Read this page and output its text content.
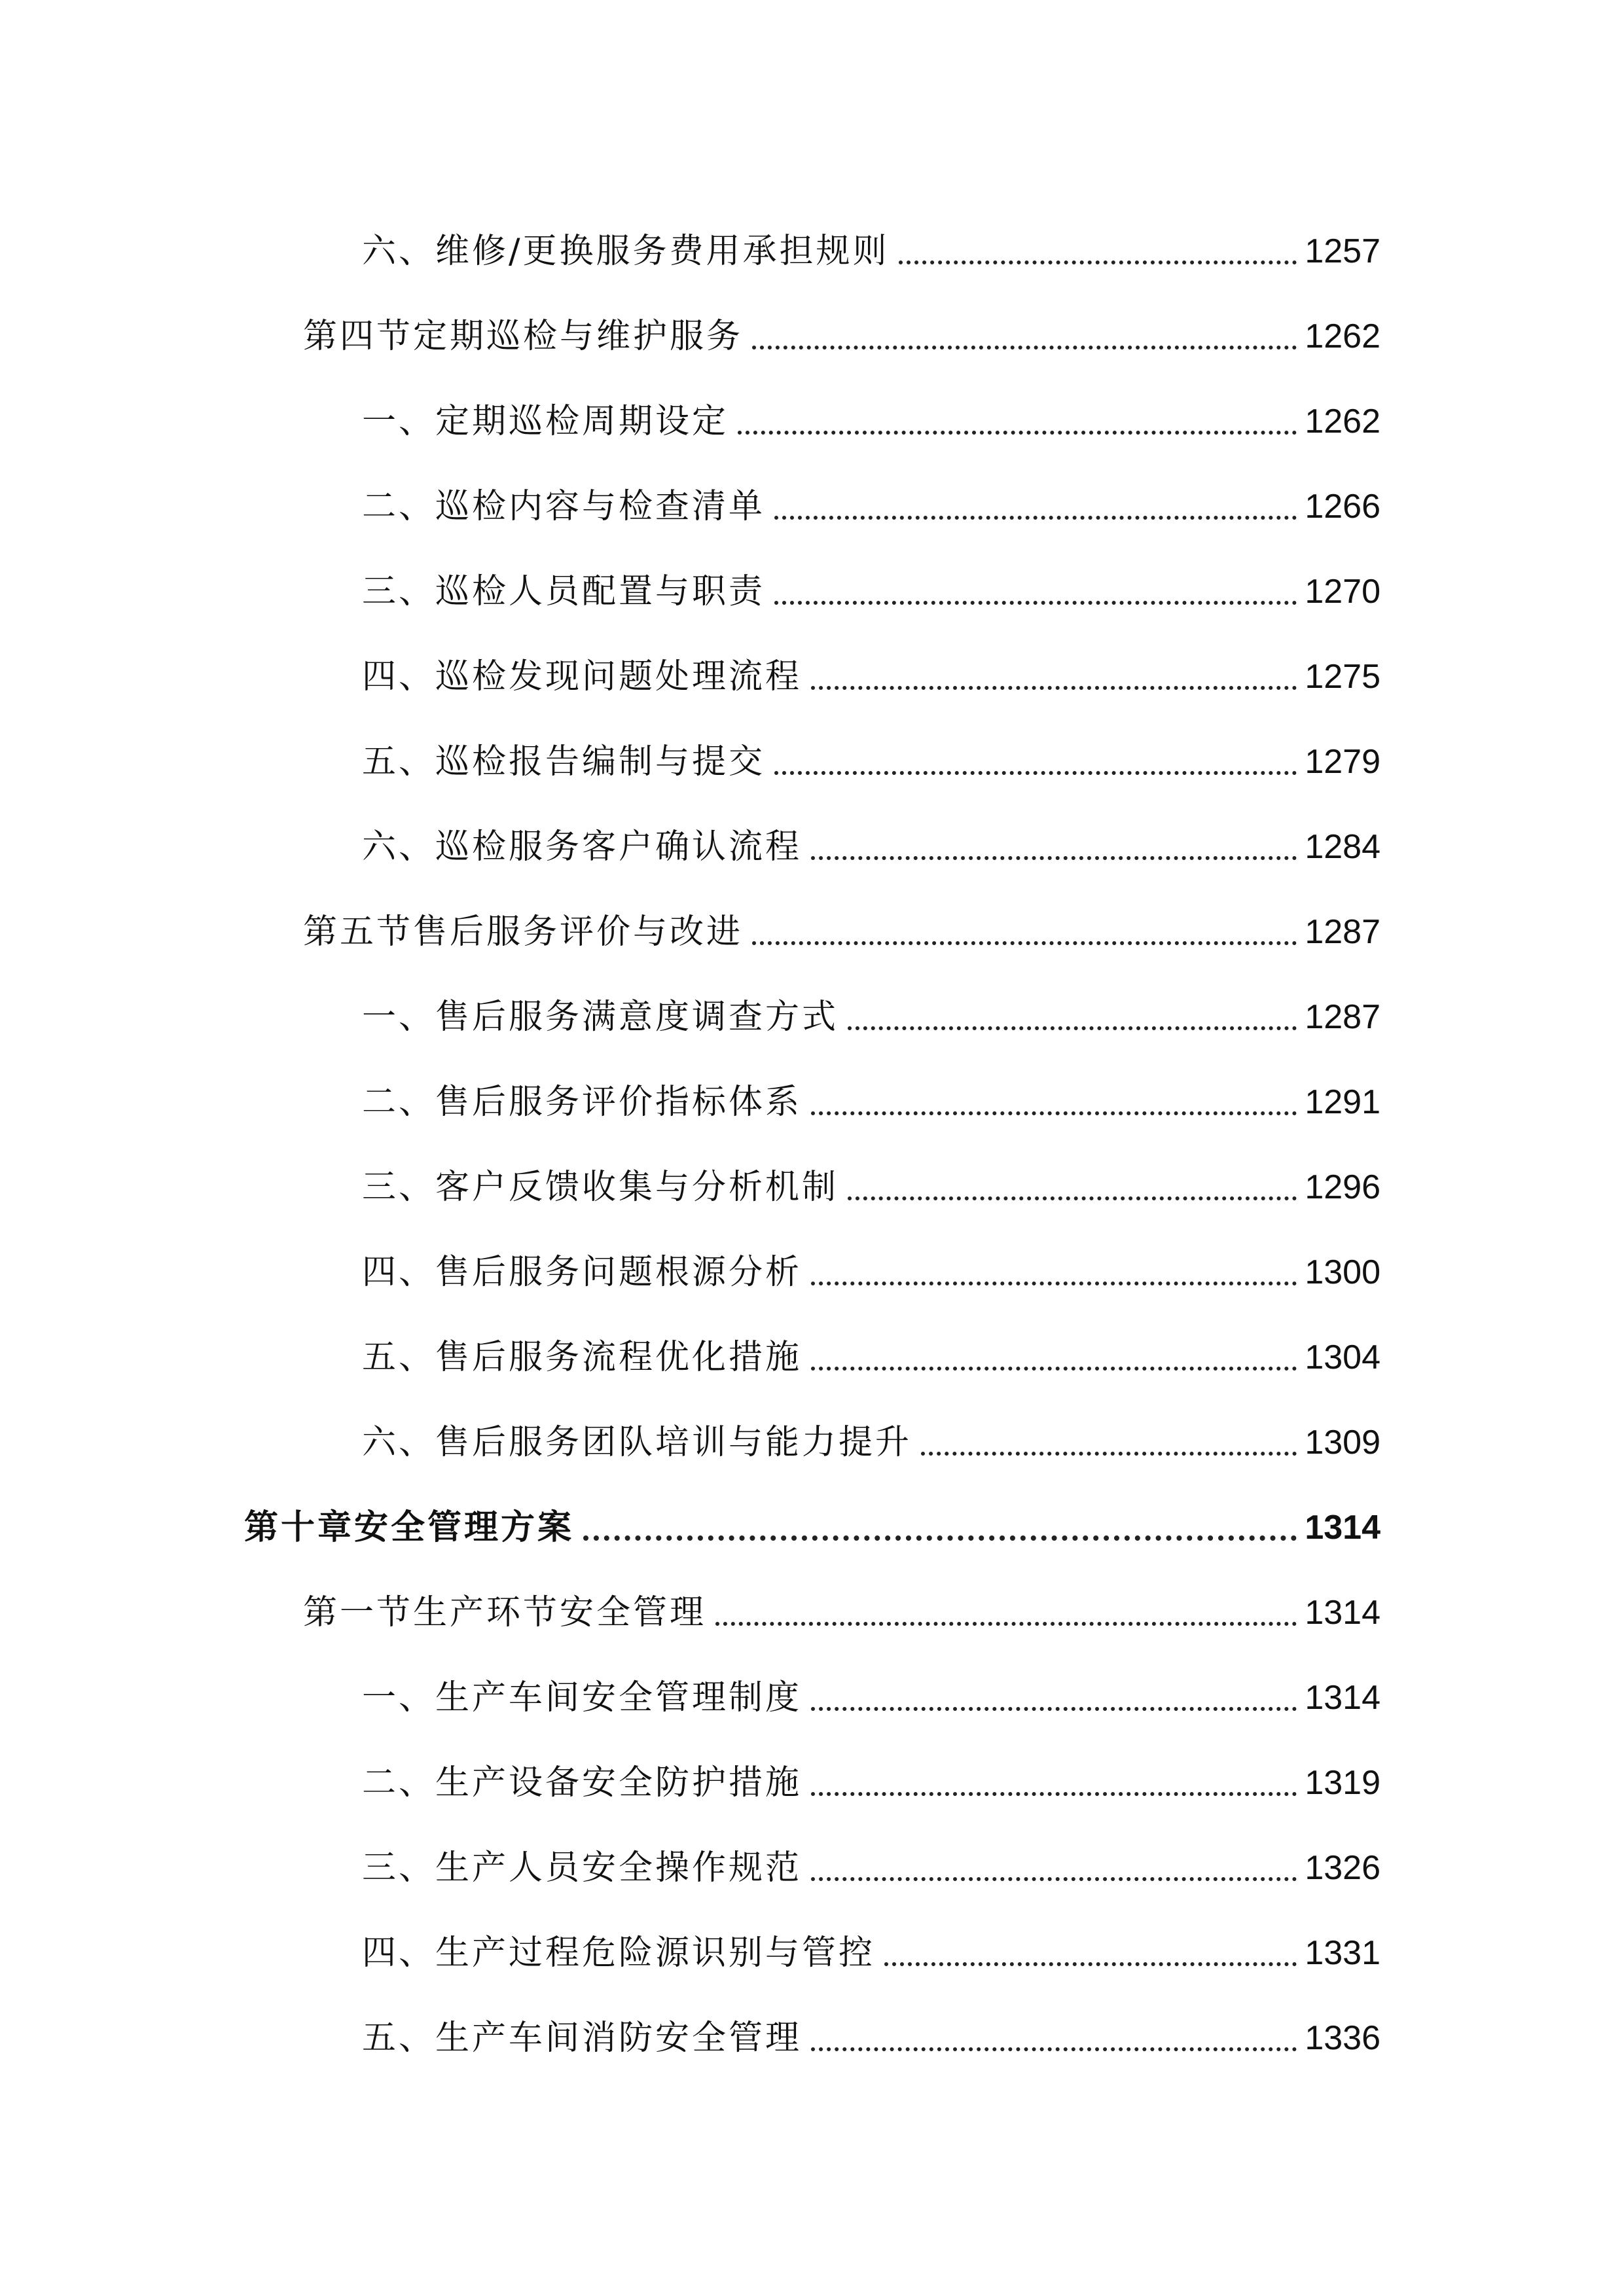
六、维修/更换服务费用承担规则	1257
第四节定期巡检与维护服务	1262
一、定期巡检周期设定	1262
二、巡检内容与检查清单	1266
三、巡检人员配置与职责	1270
四、巡检发现问题处理流程	1275
五、巡检报告编制与提交	1279
六、巡检服务客户确认流程	1284
第五节售后服务评价与改进	1287
一、售后服务满意度调查方式	1287
二、售后服务评价指标体系	1291
三、客户反馈收集与分析机制	1296
四、售后服务问题根源分析	1300
五、售后服务流程优化措施	1304
六、售后服务团队培训与能力提升	1309
第十章安全管理方案	1314
第一节生产环节安全管理	1314
一、生产车间安全管理制度	1314
二、生产设备安全防护措施	1319
三、生产人员安全操作规范	1326
四、生产过程危险源识别与管控	1331
五、生产车间消防安全管理	1336
